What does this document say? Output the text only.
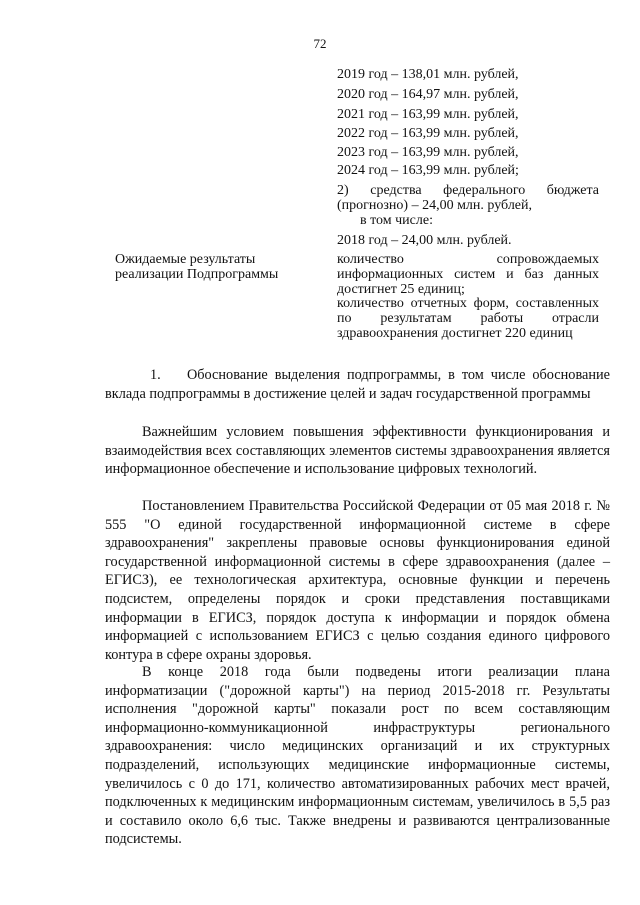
72
2019 год – 138,01 млн. рублей,
2020 год – 164,97 млн. рублей,
2021 год – 163,99 млн. рублей,
2022 год – 163,99 млн. рублей,
2023 год – 163,99 млн. рублей,
2024 год – 163,99 млн. рублей;
2) средства федерального бюджета (прогнозно) – 24,00 млн. рублей,
в том числе:
2018 год – 24,00 млн. рублей.
Ожидаемые результаты реализации Подпрограммы
количество сопровождаемых информационных систем и баз данных достигнет 25 единиц;
количество отчетных форм, составленных по результатам работы отрасли здравоохранения достигнет 220 единиц
1. Обоснование выделения подпрограммы, в том числе обоснование вклада подпрограммы в достижение целей и задач государственной программы

Важнейшим условием повышения эффективности функционирования и взаимодействия всех составляющих элементов системы здравоохранения является информационное обеспечение и использование цифровых технологий.

Постановлением Правительства Российской Федерации от 05 мая 2018 г. № 555 "О единой государственной информационной системе в сфере здравоохранения" закреплены правовые основы функционирования единой государственной информационной системы в сфере здравоохранения (далее – ЕГИСЗ), ее технологическая архитектура, основные функции и перечень подсистем, определены порядок и сроки представления поставщиками информации в ЕГИСЗ, порядок доступа к информации и порядок обмена информацией с использованием ЕГИСЗ с целью создания единого цифрового контура в сфере охраны здоровья.

В конце 2018 года были подведены итоги реализации плана информатизации ("дорожной карты") на период 2015-2018 гг. Результаты исполнения "дорожной карты" показали рост по всем составляющим информационно-коммуникационной инфраструктуры регионального здравоохранения: число медицинских организаций и их структурных подразделений, использующих медицинские информационные системы, увеличилось с 0 до 171, количество автоматизированных рабочих мест врачей, подключенных к медицинским информационным системам, увеличилось в 5,5 раз и составило около 6,6 тыс. Также внедрены и развиваются централизованные подсистемы.
